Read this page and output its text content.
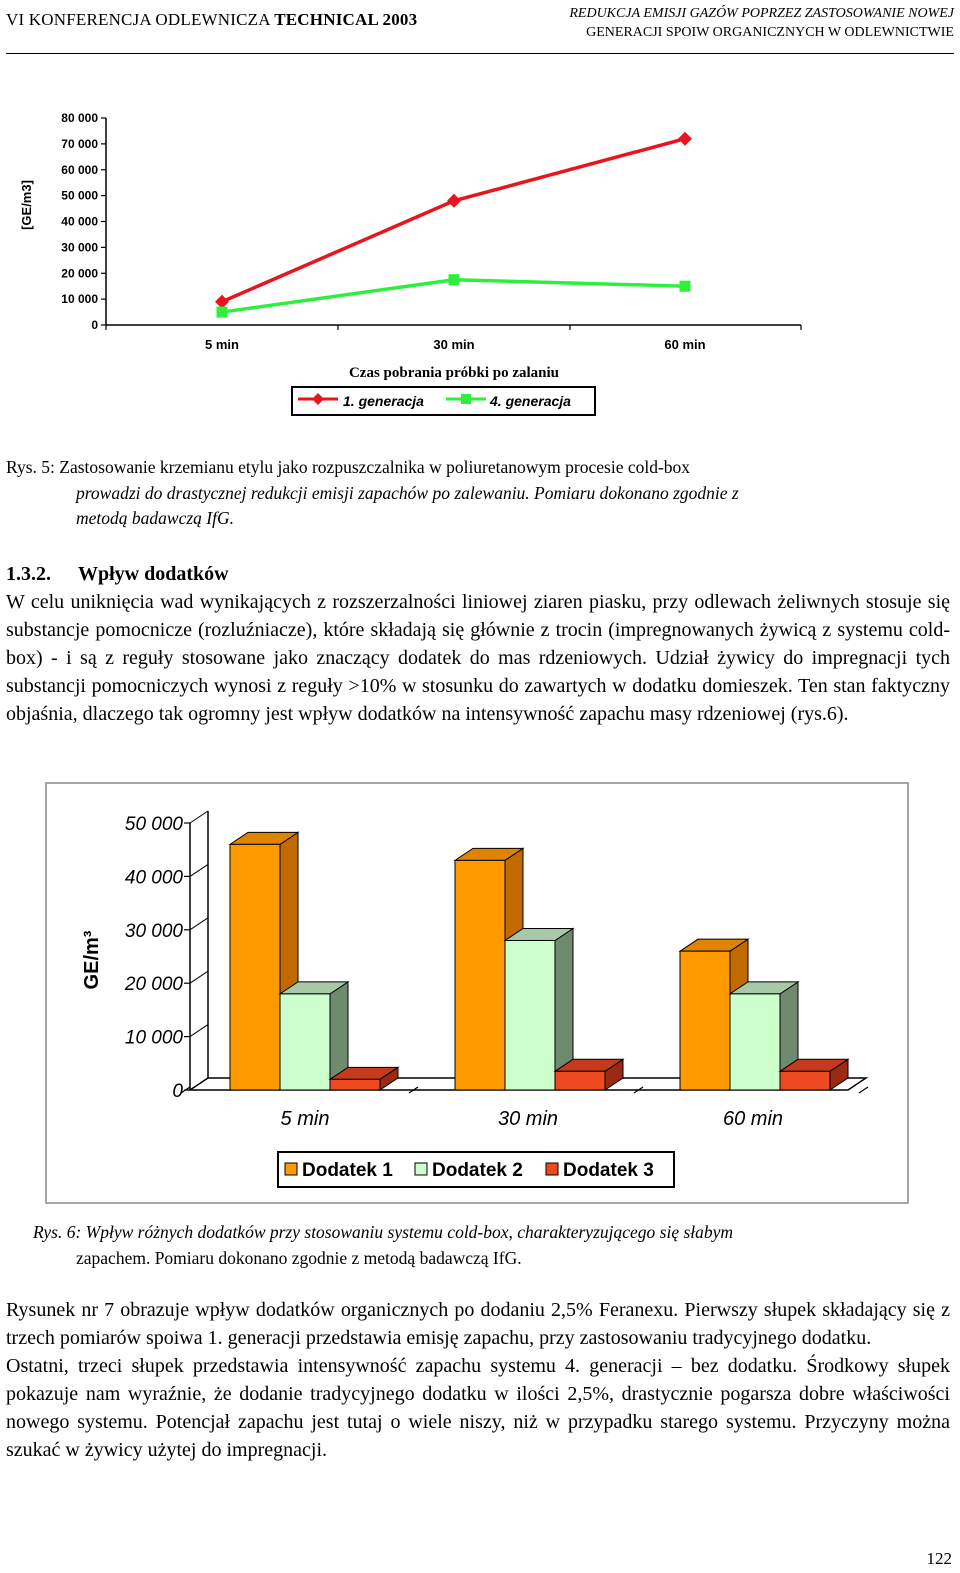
VI KONFERENCJA ODLEWNICZA TECHNICAL 2003	REDUKCJA EMISJI GAZÓW POPRZEZ ZASTOSOWANIE NOWEJ
GENERACJI SPOIW ORGANICZNYCH W ODLEWNICTWIE
[GE/m3]
0
10 000
20 000
30 000
40 000
50 000
60 000
70 000
80 000
5 min	30 min	60 min
Czas pobrania próbki po zalaniu
1. generacja	4. generacja
Rys. 5: Zastosowanie krzemianu etylu jako rozpuszczalnika w poliuretanowym procesie cold-box
prowadzi do drastycznej redukcji emisji zapachów po zalewaniu. Pomiaru dokonano zgodnie z
metodą badawczą IfG.
1.3.2. Wpływ dodatków
W celu uniknięcia wad wynikających z rozszerzalności liniowej ziaren piasku, przy odlewach żeliwnych stosuje się substancje pomocnicze (rozluźniacze), które składają się głównie z trocin (impregnowanych żywicą z systemu cold-box) - i są z reguły stosowane jako znaczący dodatek do mas rdzeniowych. Udział żywicy do impregnacji tych substancji pomocniczych wynosi z reguły >10% w stosunku do zawartych w dodatku domieszek. Ten stan faktyczny objaśnia, dlaczego tak ogromny jest wpływ dodatków na intensywność zapachu masy rdzeniowej (rys.6).
GE/m³
0
10 000
20 000
30 000
40 000
50 000
5 min	30 min	60 min
Dodatek 1 Dodatek 2 Dodatek 3
Rys. 6: Wpływ różnych dodatków przy stosowaniu systemu cold-box, charakteryzującego się słabym
zapachem. Pomiaru dokonano zgodnie z metodą badawczą IfG.
Rysunek nr 7 obrazuje wpływ dodatków organicznych po dodaniu 2,5% Feranexu. Pierwszy słupek składający się z trzech pomiarów spoiwa 1. generacji przedstawia emisję zapachu, przy zastosowaniu tradycyjnego dodatku.
Ostatni, trzeci słupek przedstawia intensywność zapachu systemu 4. generacji – bez dodatku. Środkowy słupek pokazuje nam wyraźnie, że dodanie tradycyjnego dodatku w ilości 2,5%, drastycznie pogarsza dobre właściwości nowego systemu. Potencjał zapachu jest tutaj o wiele niszy, niż w przypadku starego systemu. Przyczyny można szukać w żywicy użytej do impregnacji.
122
